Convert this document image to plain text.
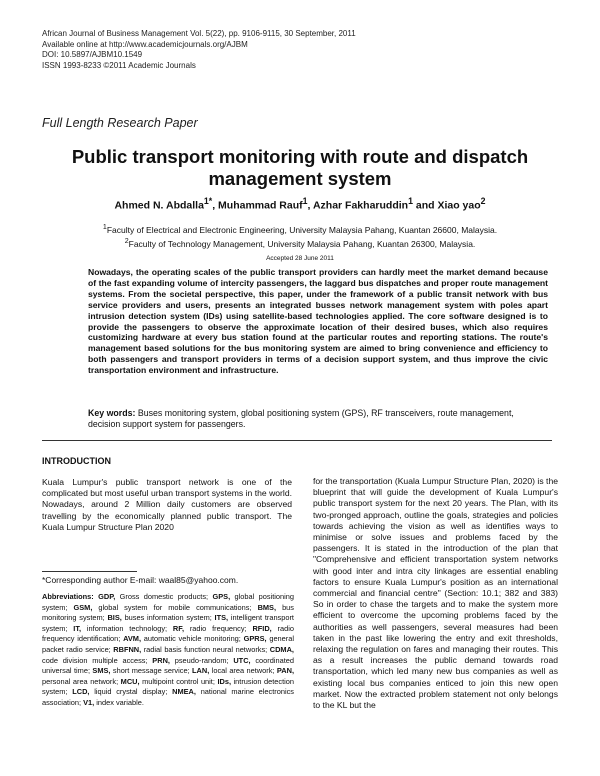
African Journal of Business Management Vol. 5(22), pp. 9106-9115, 30 September, 2011
Available online at http://www.academicjournals.org/AJBM
DOI: 10.5897/AJBM10.1549
ISSN 1993-8233 ©2011 Academic Journals
Full Length Research Paper
Public transport monitoring with route and dispatch management system
Ahmed N. Abdalla$^{1*}$, Muhammad Rauf$^1$, Azhar Fakharuddin$^1$ and Xiao yao$^2$
$^1$Faculty of Electrical and Electronic Engineering, University Malaysia Pahang, Kuantan 26600, Malaysia.
$^2$Faculty of Technology Management, University Malaysia Pahang, Kuantan 26300, Malaysia.
Accepted 28 June 2011
Nowadays, the operating scales of the public transport providers can hardly meet the market demand because of the fast expanding volume of intercity passengers, the laggard bus dispatches and proper route management systems. From the societal perspective, this paper, under the framework of a public transit network with bus service providers and users, presents an integrated busses network management system with poles apart intrusion detection system (IDs) using satellite-based technologies applied. The core software designed is to provide the passengers to observe the approximate location of their desired buses, which also requires customizing hardware at every bus station found at the particular routes and reporting stations. The route's management based solutions for the bus monitoring system are aimed to bring convenience and efficiency to both passengers and transport providers in terms of a decision support system, and thus improve the civic transportation environment and infrastructure.
Key words: Buses monitoring system, global positioning system (GPS), RF transceivers, route management, decision support system for passengers.
INTRODUCTION
Kuala Lumpur's public transport network is one of the complicated but most useful urban transport systems in the world. Nowadays, around 2 Million daily customers are observed travelling by the economically planned public transport. The Kuala Lumpur Structure Plan 2020
*Corresponding author E-mail: waal85@yahoo.com.
Abbreviations: GDP, Gross domestic products; GPS, global positioning system; GSM, global system for mobile communications; BMS, bus monitoring system; BIS, buses information system; ITS, intelligent transport system; IT, information technology; RF, radio frequency; RFID, radio frequency identification; AVM, automatic vehicle monitoring; GPRS, general packet radio service; RBFNN, radial basis function neural networks; CDMA, code division multiple access; PRN, pseudo-random; UTC, coordinated universal time; SMS, short message service; LAN, local area network; PAN, personal area network; MCU, multipoint control unit; IDs, intrusion detection system; LCD, liquid crystal display; NMEA, national marine electronics association; V1, index variable.
for the transportation (Kuala Lumpur Structure Plan, 2020) is the blueprint that will guide the development of Kuala Lumpur's public transport system for the next 20 years. The Plan, with its two-pronged approach, outline the goals, strategies and policies towards achieving the vision as well as identifies ways to minimise or solve issues and problems faced by the passengers. It is stated in the introduction of the plan that "Comprehensive and efficient transportation system networks with good inter and intra city linkages are essential enabling factors to ensure Kuala Lumpur's position as an international commercial and financial centre" (Section: 10.1; 382 and 383) So in order to chase the targets and to make the system more efficient to overcome the upcoming problems faced by the authorities as well passengers, several measures had been taken in the past like lowering the entry and exit thresholds, relaxing the regulation on fares and managing their routes. This as a result increases the public demand towards road transportation, which led many new bus companies as well as existing local bus companies enticed to join this new open market. Now the extracted problem statement not only belongs to the KL but the
